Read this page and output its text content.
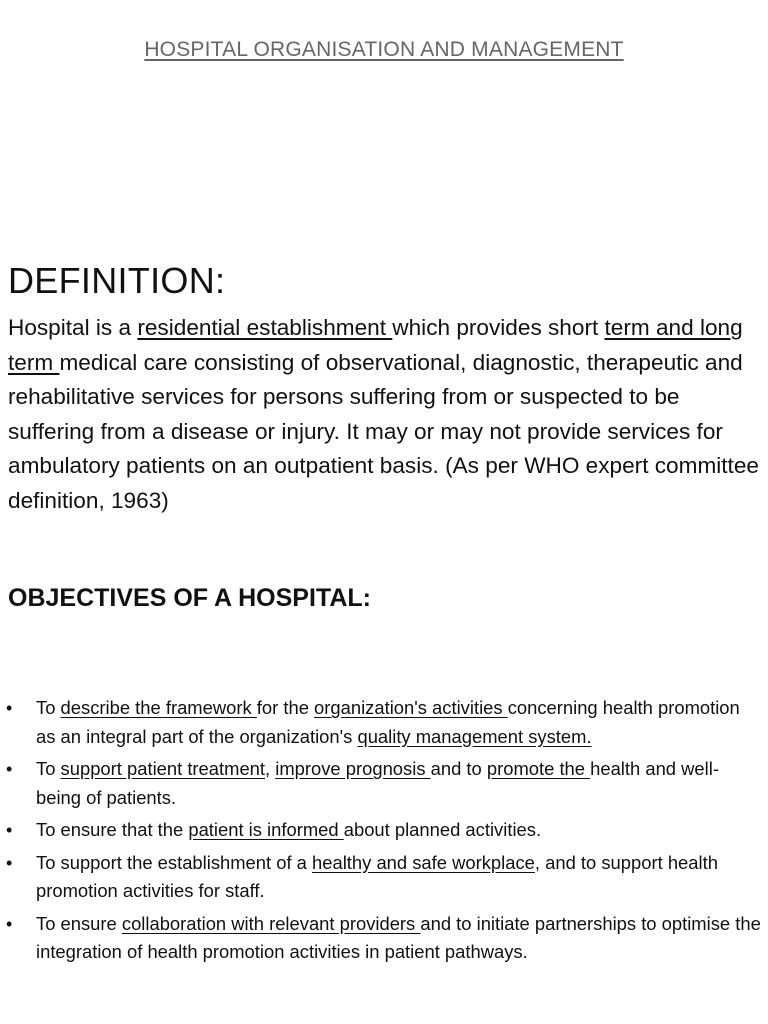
HOSPITAL ORGANISATION AND MANAGEMENT
DEFINITION:
Hospital is a residential establishment which provides short term and long term medical care consisting of observational, diagnostic, therapeutic and rehabilitative services for persons suffering from or suspected to be suffering from a disease or injury. It may or may not provide services for ambulatory patients on an outpatient basis. (As per WHO expert committee definition, 1963)
OBJECTIVES OF A HOSPITAL:
• To describe the framework for the organization's activities concerning health promotion as an integral part of the organization's quality management system.
• To support patient treatment, improve prognosis and to promote the health and well-being of patients.
• To ensure that the patient is informed about planned activities.
• To support the establishment of a healthy and safe workplace, and to support health promotion activities for staff.
• To ensure collaboration with relevant providers and to initiate partnerships to optimise the integration of health promotion activities in patient pathways.
